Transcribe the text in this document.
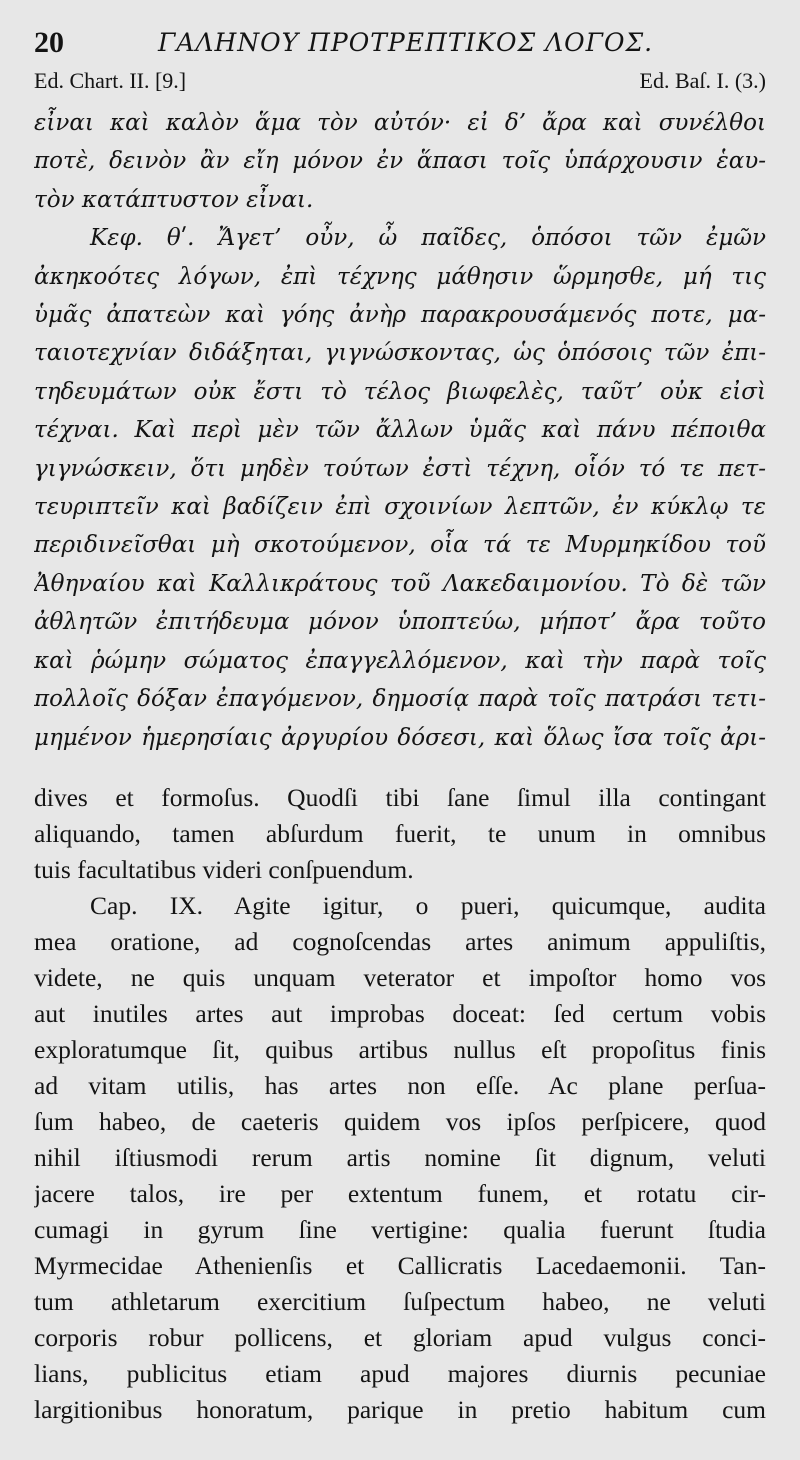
20	ΓΑΛΗΝΟΥ ΠΡΟΤΡΕΠΤΙΚΟΣ ΛΟΓΟΣ.
Ed. Chart. II. [9.]	Ed. Baſ. I. (3.)
εἶναι καὶ καλὸν ἅμα τὸν αὐτόν· εἰ δ’ ἄρα καὶ συνέλθοι
ποτὲ, δεινὸν ἂν εἴη μόνον ἐν ἅπασι τοῖς ὑπάρχουσιν ἑαυ-
τὸν κατάπτυστον εἶναι.
Κεφ. θʹ. Ἄγετ’ οὖν, ὦ παῖδες, ὁπόσοι τῶν ἐμῶν
ἀκηκοότες λόγων, ἐπὶ τέχνης μάθησιν ὥρμησθε, μή τις
ὑμᾶς ἀπατεὼν καὶ γόης ἀνὴρ παρακρουσάμενός ποτε, μα-
ταιοτεχνίαν διδάξηται, γιγνώσκοντας, ὡς ὁπόσοις τῶν ἐπι-
τηδευμάτων οὐκ ἔστι τὸ τέλος βιωφελὲς, ταῦτ’ οὐκ εἰσὶ
τέχναι. Καὶ περὶ μὲν τῶν ἄλλων ὑμᾶς καὶ πάνυ πέποιθα
γιγνώσκειν, ὅτι μηδὲν τούτων ἐστὶ τέχνη, οἷόν τό τε πετ-
τευριπτεῖν καὶ βαδίζειν ἐπὶ σχοινίων λεπτῶν, ἐν κύκλῳ τε
περιδινεῖσθαι μὴ σκοτούμενον, οἷα τά τε Μυρμηκίδου τοῦ
Ἀθηναίου καὶ Καλλικράτους τοῦ Λακεδαιμονίου. Τὸ δὲ τῶν
ἀθλητῶν ἐπιτήδευμα μόνον ὑποπτεύω, μήποτ’ ἄρα τοῦτο
καὶ ῥώμην σώματος ἐπαγγελλόμενον, καὶ τὴν παρὰ τοῖς
πολλοῖς δόξαν ἐπαγόμενον, δημοσίᾳ παρὰ τοῖς πατράσι τετι-
μημένον ἡμερησίαις ἀργυρίου δόσεσι, καὶ ὅλως ἴσα τοῖς ἀρι-
dives et formoſus. Quodſi tibi ſane ſimul illa contingant
aliquando, tamen abſurdum fuerit, te unum in omnibus
tuis facultatibus videri conſpuendum.
Cap. IX. Agite igitur, o pueri, quicumque, audita
mea oratione, ad cognoſcendas artes animum appuliſtis,
videte, ne quis unquam veterator et impoſtor homo vos
aut inutiles artes aut improbas doceat: ſed certum vobis
exploratumque ſit, quibus artibus nullus eſt propoſitus finis
ad vitam utilis, has artes non eſſe. Ac plane perſua-
ſum habeo, de caeteris quidem vos ipſos perſpicere, quod
nihil iſtiusmodi rerum artis nomine ſit dignum, veluti
jacere talos, ire per extentum funem, et rotatu cir-
cumagi in gyrum ſine vertigine: qualia fuerunt ſtudia
Myrmecidae Athenienſis et Callicratis Lacedaemonii. Tan-
tum athletarum exercitium ſuſpectum habeo, ne veluti
corporis robur pollicens, et gloriam apud vulgus conci-
lians, publicitus etiam apud majores diurnis pecuniae
largitionibus honoratum, parique in pretio habitum cum
